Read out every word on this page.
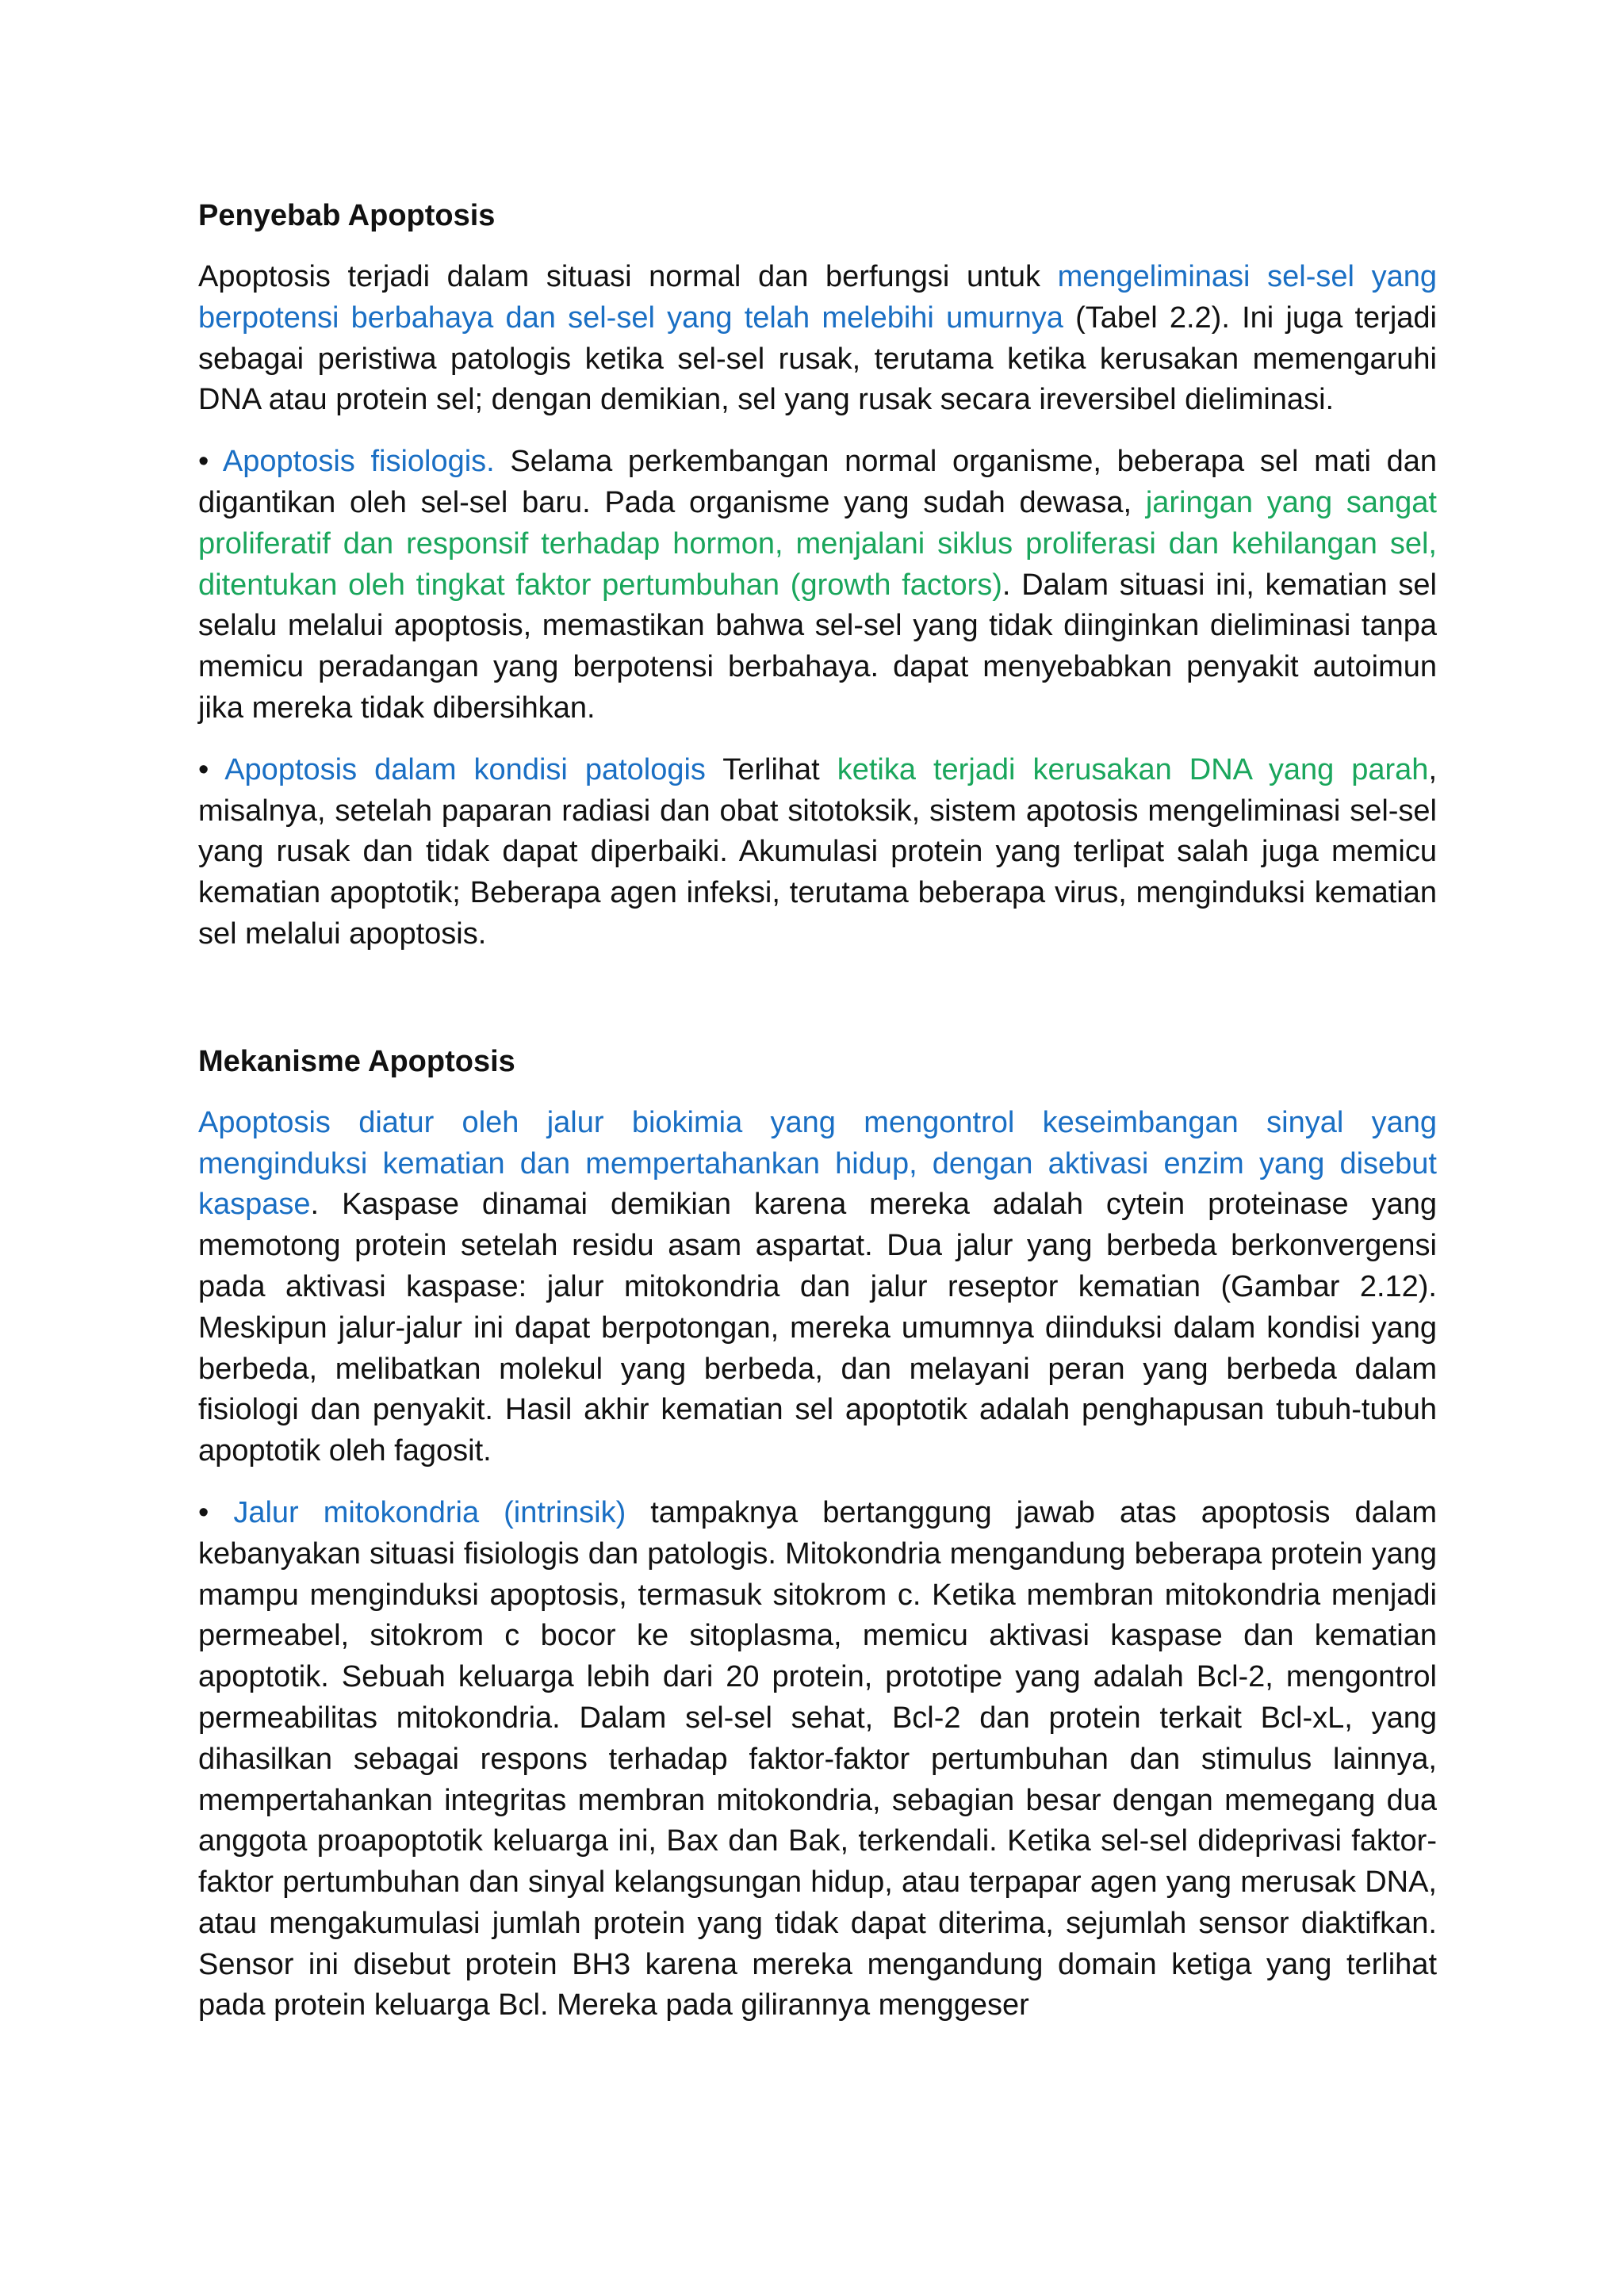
Penyebab Apoptosis

Apoptosis terjadi dalam situasi normal dan berfungsi untuk mengeliminasi sel-sel yang berpotensi berbahaya dan sel-sel yang telah melebihi umurnya (Tabel 2.2). Ini juga terjadi sebagai peristiwa patologis ketika sel-sel rusak, terutama ketika kerusakan memengaruhi DNA atau protein sel; dengan demikian, sel yang rusak secara ireversibel dieliminasi.

• Apoptosis fisiologis. Selama perkembangan normal organisme, beberapa sel mati dan digantikan oleh sel-sel baru. Pada organisme yang sudah dewasa, jaringan yang sangat proliferatif dan responsif terhadap hormon, menjalani siklus proliferasi dan kehilangan sel, ditentukan oleh tingkat faktor pertumbuhan (growth factors). Dalam situasi ini, kematian sel selalu melalui apoptosis, memastikan bahwa sel-sel yang tidak diinginkan dieliminasi tanpa memicu peradangan yang berpotensi berbahaya. dapat menyebabkan penyakit autoimun jika mereka tidak dibersihkan.

• Apoptosis dalam kondisi patologis Terlihat ketika terjadi kerusakan DNA yang parah, misalnya, setelah paparan radiasi dan obat sitotoksik, sistem apotosis mengeliminasi sel-sel yang rusak dan tidak dapat diperbaiki. Akumulasi protein yang terlipat salah juga memicu kematian apoptotik; Beberapa agen infeksi, terutama beberapa virus, menginduksi kematian sel melalui apoptosis.

Mekanisme Apoptosis

Apoptosis diatur oleh jalur biokimia yang mengontrol keseimbangan sinyal yang menginduksi kematian dan mempertahankan hidup, dengan aktivasi enzim yang disebut kaspase. Kaspase dinamai demikian karena mereka adalah cytein proteinase yang memotong protein setelah residu asam aspartat. Dua jalur yang berbeda berkonvergensi pada aktivasi kaspase: jalur mitokondria dan jalur reseptor kematian (Gambar 2.12). Meskipun jalur-jalur ini dapat berpotongan, mereka umumnya diinduksi dalam kondisi yang berbeda, melibatkan molekul yang berbeda, dan melayani peran yang berbeda dalam fisiologi dan penyakit. Hasil akhir kematian sel apoptotik adalah penghapusan tubuh-tubuh apoptotik oleh fagosit.

• Jalur mitokondria (intrinsik) tampaknya bertanggung jawab atas apoptosis dalam kebanyakan situasi fisiologis dan patologis. Mitokondria mengandung beberapa protein yang mampu menginduksi apoptosis, termasuk sitokrom c. Ketika membran mitokondria menjadi permeabel, sitokrom c bocor ke sitoplasma, memicu aktivasi kaspase dan kematian apoptotik. Sebuah keluarga lebih dari 20 protein, prototipe yang adalah Bcl-2, mengontrol permeabilitas mitokondria. Dalam sel-sel sehat, Bcl-2 dan protein terkait Bcl-xL, yang dihasilkan sebagai respons terhadap faktor-faktor pertumbuhan dan stimulus lainnya, mempertahankan integritas membran mitokondria, sebagian besar dengan memegang dua anggota proapoptotik keluarga ini, Bax dan Bak, terkendali. Ketika sel-sel dideprivasi faktor-faktor pertumbuhan dan sinyal kelangsungan hidup, atau terpapar agen yang merusak DNA, atau mengakumulasi jumlah protein yang tidak dapat diterima, sejumlah sensor diaktifkan. Sensor ini disebut protein BH3 karena mereka mengandung domain ketiga yang terlihat pada protein keluarga Bcl. Mereka pada gilirannya menggeser
